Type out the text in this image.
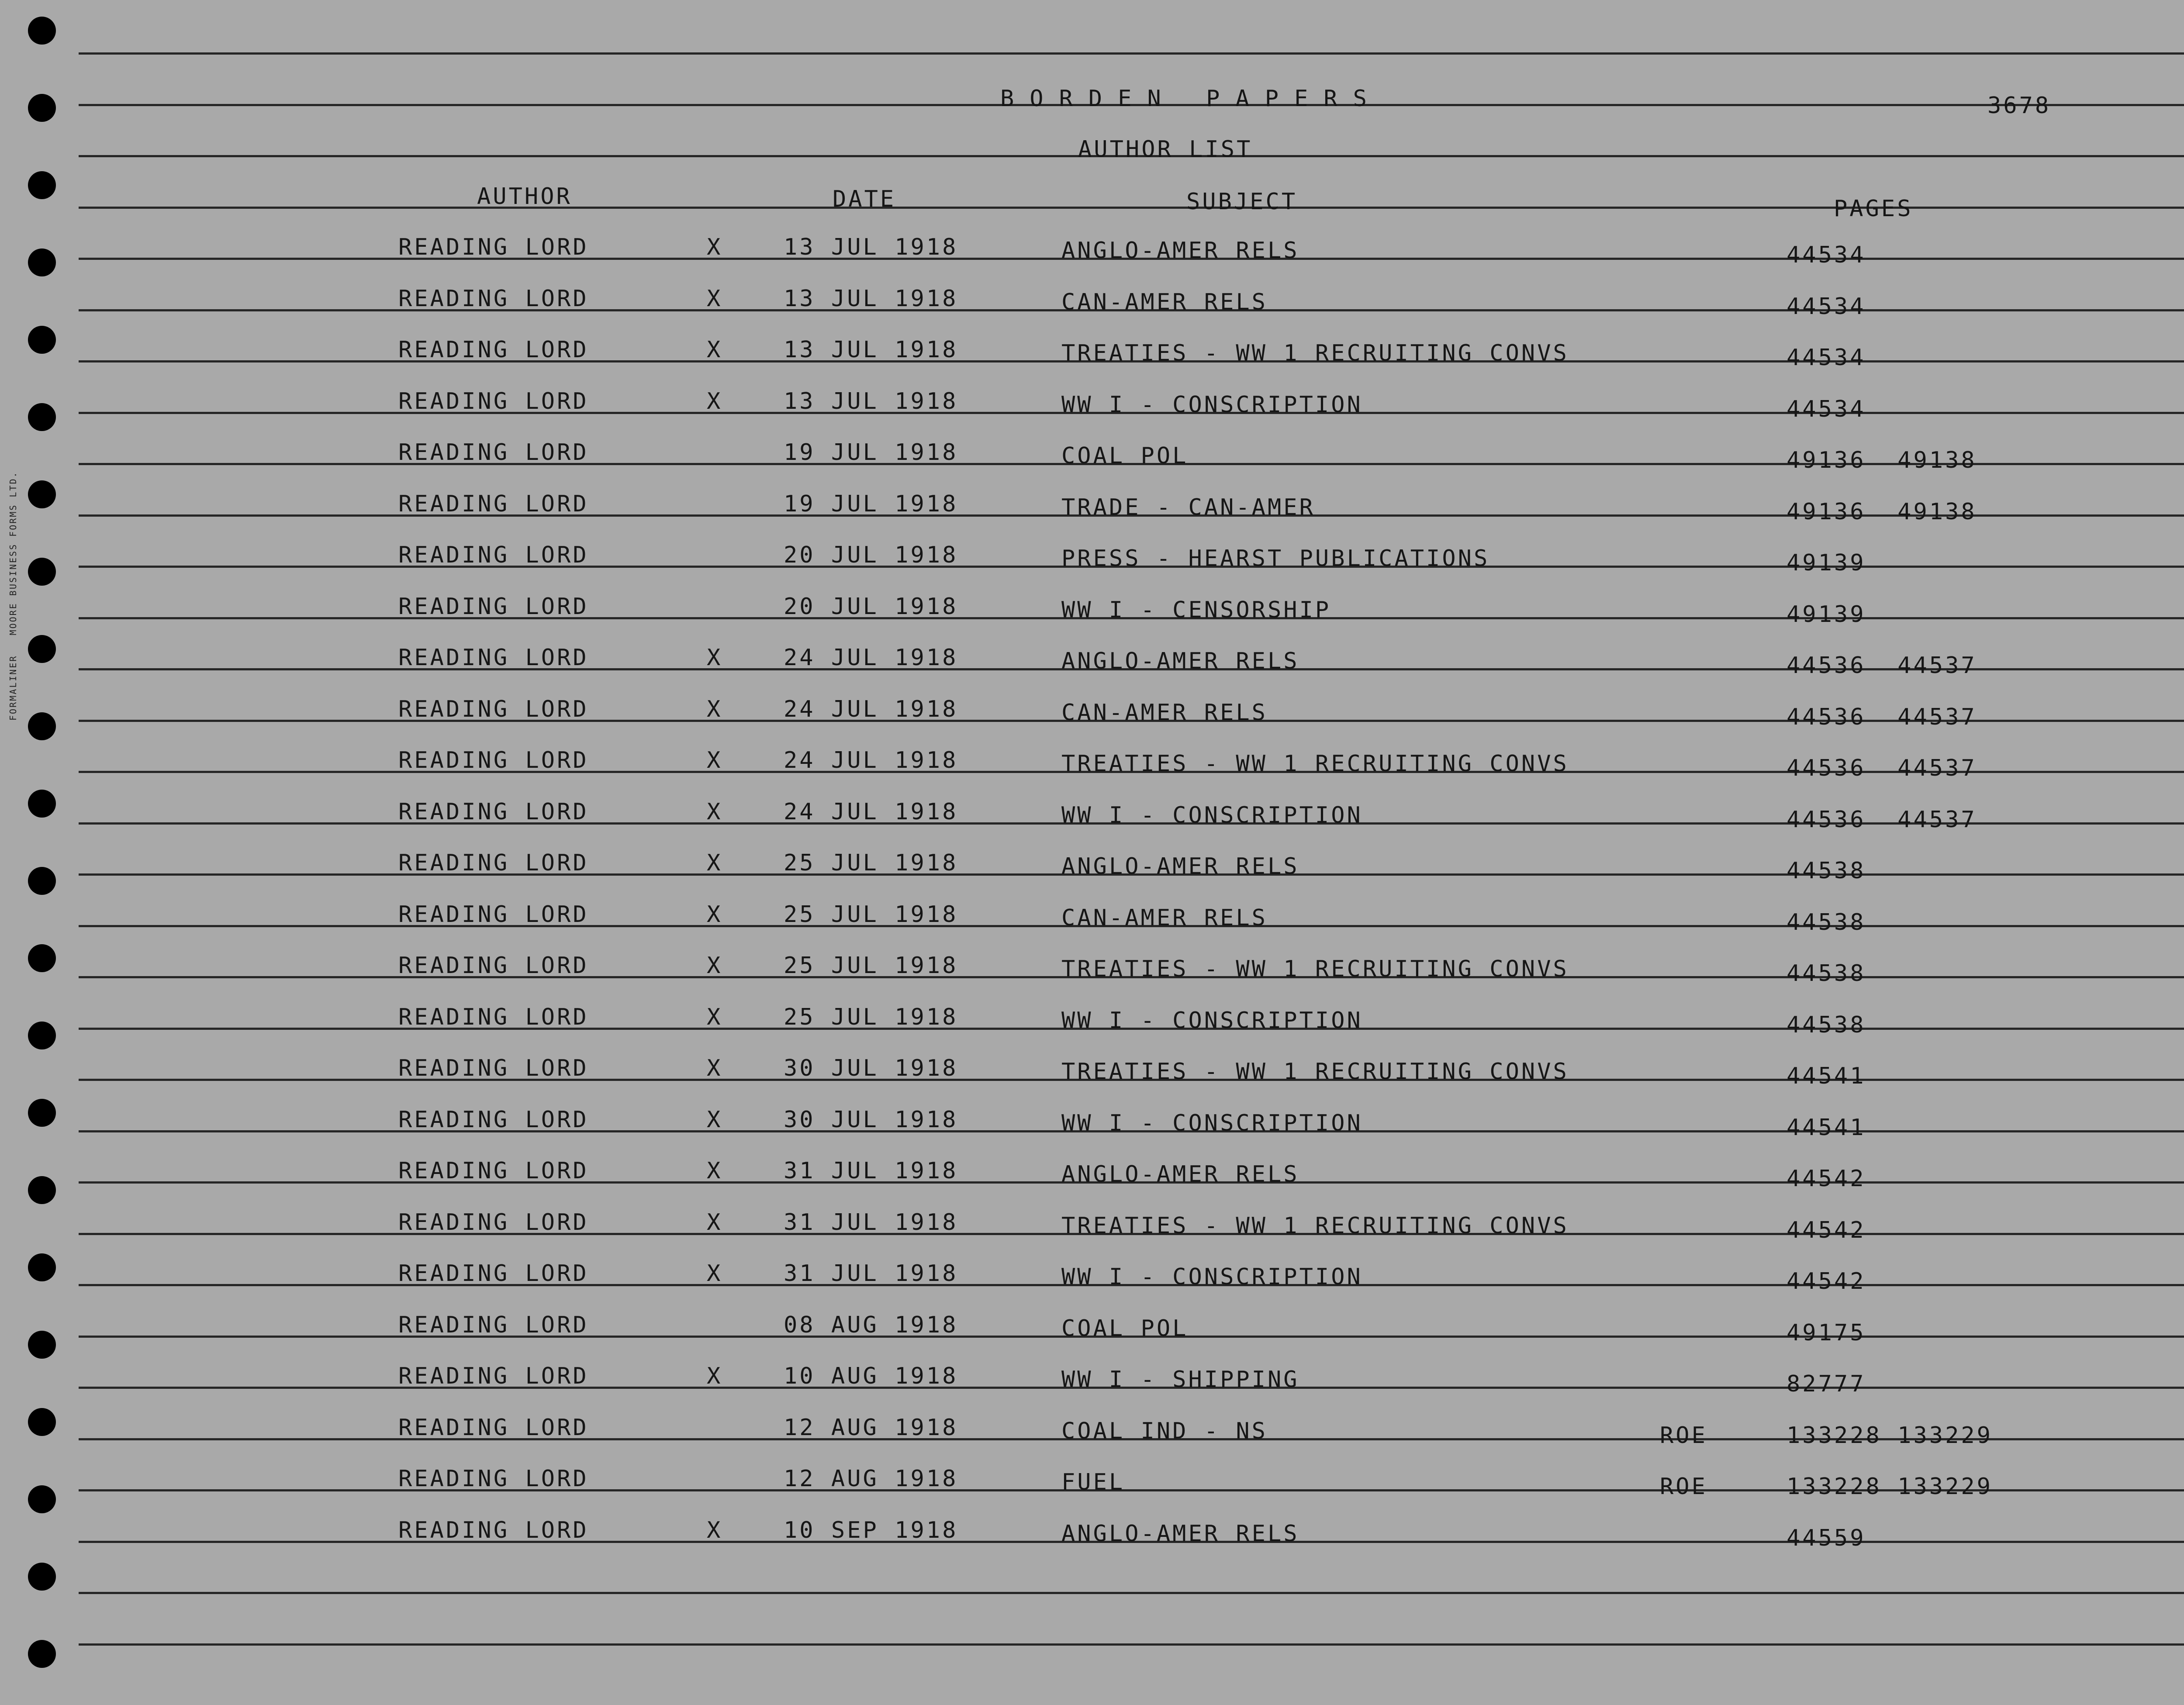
FORMALINER   MOORE BUSINESS FORMS LTD.
BORDEN PAPERS	3678
AUTHOR LIST
AUTHOR	DATE	SUBJECT	PAGES
READING LORD	X	13 JUL 1918	ANGLO-AMER RELS	44534
READING LORD	X	13 JUL 1918	CAN-AMER RELS	44534
READING LORD	X	13 JUL 1918	TREATIES - WW 1 RECRUITING CONVS	44534
READING LORD	X	13 JUL 1918	WW I - CONSCRIPTION	44534
READING LORD	19 JUL 1918	COAL POL	49136  49138
READING LORD	19 JUL 1918	TRADE - CAN-AMER	49136  49138
READING LORD	20 JUL 1918	PRESS - HEARST PUBLICATIONS	49139
READING LORD	20 JUL 1918	WW I - CENSORSHIP	49139
READING LORD	X	24 JUL 1918	ANGLO-AMER RELS	44536  44537
READING LORD	X	24 JUL 1918	CAN-AMER RELS	44536  44537
READING LORD	X	24 JUL 1918	TREATIES - WW 1 RECRUITING CONVS	44536  44537
READING LORD	X	24 JUL 1918	WW I - CONSCRIPTION	44536  44537
READING LORD	X	25 JUL 1918	ANGLO-AMER RELS	44538
READING LORD	X	25 JUL 1918	CAN-AMER RELS	44538
READING LORD	X	25 JUL 1918	TREATIES - WW 1 RECRUITING CONVS	44538
READING LORD	X	25 JUL 1918	WW I - CONSCRIPTION	44538
READING LORD	X	30 JUL 1918	TREATIES - WW 1 RECRUITING CONVS	44541
READING LORD	X	30 JUL 1918	WW I - CONSCRIPTION	44541
READING LORD	X	31 JUL 1918	ANGLO-AMER RELS	44542
READING LORD	X	31 JUL 1918	TREATIES - WW 1 RECRUITING CONVS	44542
READING LORD	X	31 JUL 1918	WW I - CONSCRIPTION	44542
READING LORD	08 AUG 1918	COAL POL	49175
READING LORD	X	10 AUG 1918	WW I - SHIPPING	82777
READING LORD	12 AUG 1918	COAL IND - NS	ROE	133228 133229
READING LORD	12 AUG 1918	FUEL	ROE	133228 133229
READING LORD	X	10 SEP 1918	ANGLO-AMER RELS	44559
